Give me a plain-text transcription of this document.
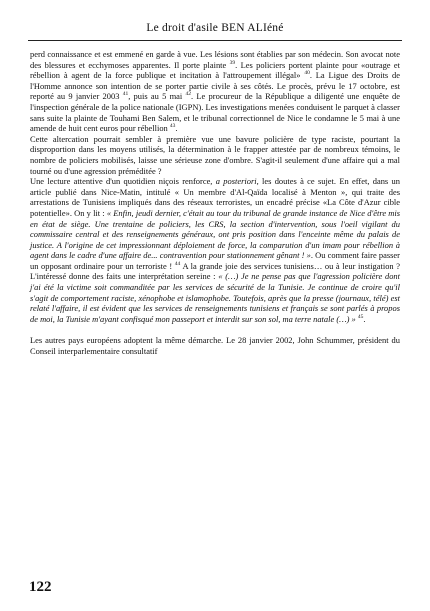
Le droit d'asile BEN ALIéné

perd connaissance et est emmené en garde à vue. Les lésions sont établies par son médecin. Son avocat note des blessures et ecchymoses apparentes. Il porte plainte $^{39}$. Les policiers portent plainte pour «outrage et rébellion à agent de la force publique et incitation à l'attroupement illégal» $^{40}$. La Ligue des Droits de l'Homme annonce son intention de se porter partie civile à ses côtés. Le procès, prévu le 17 octobre, est reporté au 9 janvier 2003 $^{41}$, puis au 5 mai $^{42}$. Le procureur de la République a diligenté une enquête de l'inspection générale de la police nationale (IGPN). Les investigations menées conduisent le parquet à classer sans suite la plainte de Touhami Ben Salem, et le tribunal correctionnel de Nice le condamne le 5 mai à une amende de huit cent euros pour rébellion $^{43}$.

Cette altercation pourrait sembler à première vue une bavure policière de type raciste, pourtant la disproportion dans les moyens utilisés, la détermination à le frapper attestée par de nombreux témoins, le nombre de policiers mobilisés, laisse une sérieuse zone d'ombre. S'agit-il seulement d'une affaire qui a mal tourné ou d'une agression préméditée ?

Une lecture attentive d'un quotidien niçois renforce, a posteriori, les doutes à ce sujet. En effet, dans un article publié dans Nice-Matin, intitulé « Un membre d'Al-Qaïda localisé à Menton », qui traite des arrestations de Tunisiens impliqués dans des réseaux terroristes, un encadré précise «La Côte d'Azur cible potentielle». On y lit : « Enfin, jeudi dernier, c'était au tour du tribunal de grande instance de Nice d'être mis en état de siège. Une trentaine de policiers, les CRS, la section d'intervention, sous l'oeil vigilant du commissaire central et des renseignements généraux, ont pris position dans l'enceinte même du palais de justice. A l'origine de cet impressionnant déploiement de force, la comparution d'un imam pour rébellion à agent dans le cadre d'une affaire de... contravention pour stationnement gênant ! ». Ou comment faire passer un opposant ordinaire pour un terroriste ! $^{44}$ A la grande joie des services tunisiens… ou à leur instigation ? L'intéressé donne des faits une interprétation sereine : « (…) Je ne pense pas que l'agression policière dont j'ai été la victime soit commanditée par les services de sécurité de la Tunisie. Je continue de croire qu'il s'agit de comportement raciste, xénophobe et islamophobe. Toutefois, après que la presse (journaux, télé) est relaté l'affaire, il est évident que les services de renseignements tunisiens et français se sont parlés à propos de moi, la Tunisie m'ayant confisqué mon passeport et interdit sur son sol, ma terre natale (…) » $^{45}$.

Les autres pays européens adoptent la même démarche. Le 28 janvier 2002, John Schummer, président du Conseil interparlementaire consultatif

122
